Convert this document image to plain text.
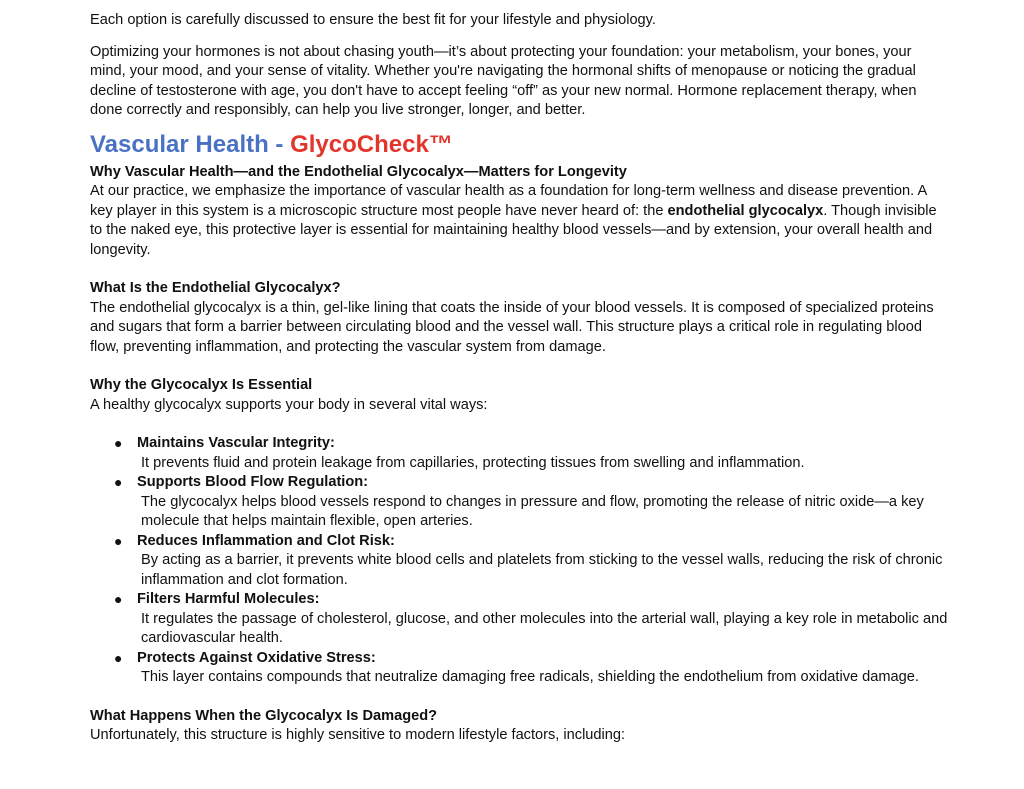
Each option is carefully discussed to ensure the best fit for your lifestyle and physiology.

Optimizing your hormones is not about chasing youth—it’s about protecting your foundation: your metabolism, your bones, your mind, your mood, and your sense of vitality. Whether you're navigating the hormonal shifts of menopause or noticing the gradual decline of testosterone with age, you don't have to accept feeling “off” as your new normal. Hormone replacement therapy, when done correctly and responsibly, can help you live stronger, longer, and better.

Vascular Health - GlycoCheck™

Why Vascular Health—and the Endothelial Glycocalyx—Matters for Longevity

At our practice, we emphasize the importance of vascular health as a foundation for long-term wellness and disease prevention. A key player in this system is a microscopic structure most people have never heard of: the endothelial glycocalyx. Though invisible to the naked eye, this protective layer is essential for maintaining healthy blood vessels—and by extension, your overall health and longevity.

What Is the Endothelial Glycocalyx?

The endothelial glycocalyx is a thin, gel-like lining that coats the inside of your blood vessels. It is composed of specialized proteins and sugars that form a barrier between circulating blood and the vessel wall. This structure plays a critical role in regulating blood flow, preventing inflammation, and protecting the vascular system from damage.

Why the Glycocalyx Is Essential

A healthy glycocalyx supports your body in several vital ways:

● Maintains Vascular Integrity:
It prevents fluid and protein leakage from capillaries, protecting tissues from swelling and inflammation.
● Supports Blood Flow Regulation:
The glycocalyx helps blood vessels respond to changes in pressure and flow, promoting the release of nitric oxide—a key molecule that helps maintain flexible, open arteries.
● Reduces Inflammation and Clot Risk:
By acting as a barrier, it prevents white blood cells and platelets from sticking to the vessel walls, reducing the risk of chronic inflammation and clot formation.
● Filters Harmful Molecules:
It regulates the passage of cholesterol, glucose, and other molecules into the arterial wall, playing a key role in metabolic and cardiovascular health.
● Protects Against Oxidative Stress:
This layer contains compounds that neutralize damaging free radicals, shielding the endothelium from oxidative damage.

What Happens When the Glycocalyx Is Damaged?

Unfortunately, this structure is highly sensitive to modern lifestyle factors, including:
